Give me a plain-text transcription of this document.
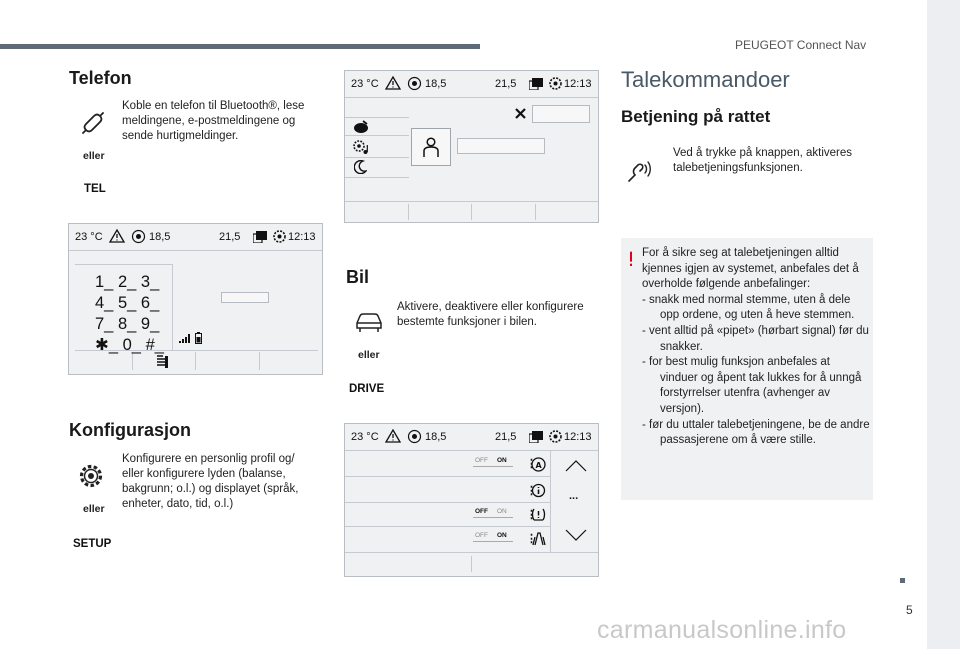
PEUGEOT Connect Nav
5
carmanualsonline.info
Telefon
eller
Koble en telefon til Bluetooth®, lese meldingene, e-postmeldingene og sende hurtigmeldinger.
TEL
23 °C	18,5	21,5	12:13
1_ 2_ 3_
4_ 5_ 6_
7_ 8_ 9_
✱_ 0_ #_
Konfigurasjon
eller
Konfigurere en personlig profil og/ eller konfigurere lyden (balanse, bakgrunn; o.l.) og displayet (språk, enheter, dato, tid, o.l.)
SETUP
23 °C	18,5	21,5	12:13
Bil
eller
Aktivere, deaktivere eller konfigurere bestemte funksjoner i bilen.
DRIVE
23 °C	18,5	21,5	12:13
OFF ON ⋮
A
⋮
OFF ON ⋮
OFF ON ⋮
...
Talekommandoer
Betjening på rattet
Ved å trykke på knappen, aktiveres talebetjeningsfunksjonen.
For å sikre seg at talebetjeningen alltid kjennes igjen av systemet, anbefales det å overholde følgende anbefalinger:
- snakk med normal stemme, uten å dele opp ordene, og uten å heve stemmen.
- vent alltid på «pipet» (hørbart signal) før du snakker.
- for best mulig funksjon anbefales at vinduer og åpent tak lukkes for å unngå forstyrrelser utenfra (avhenger av versjon).
- før du uttaler talebetjeningene, be de andre passasjerene om å være stille.
